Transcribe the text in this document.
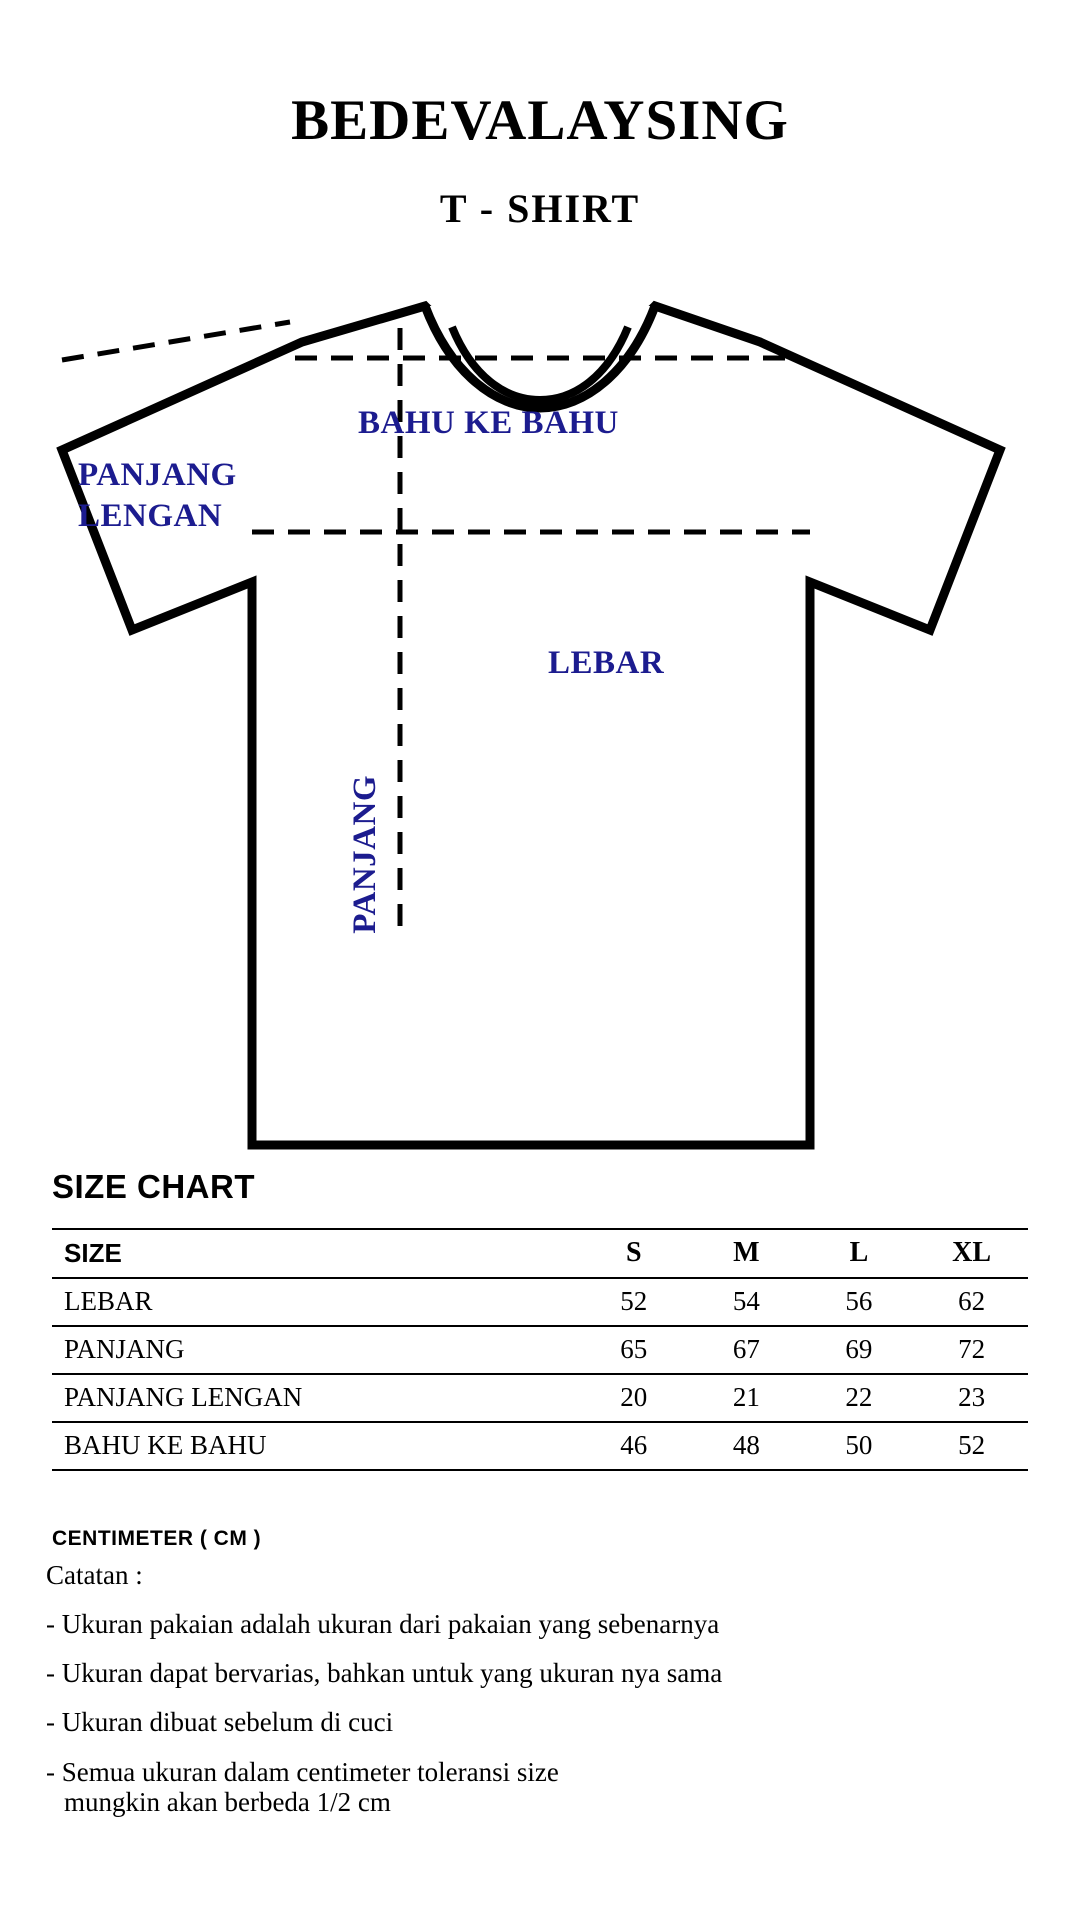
BEDEVALAYSING
T - SHIRT
BAHU KE BAHU
PANJANG
LENGAN
LEBAR
PANJANG
SIZE CHART
SIZE	S	M	L	XL
LEBAR	52	54	56	62
PANJANG	65	67	69	72
PANJANG LENGAN	20	21	22	23
BAHU KE BAHU	46	48	50	52
CENTIMETER ( CM )
Catatan :
- Ukuran pakaian adalah ukuran dari pakaian yang sebenarnya
- Ukuran dapat bervarias, bahkan untuk yang ukuran nya sama
- Ukuran dibuat sebelum di cuci
- Semua ukuran dalam centimeter toleransi size
mungkin akan berbeda 1/2 cm
